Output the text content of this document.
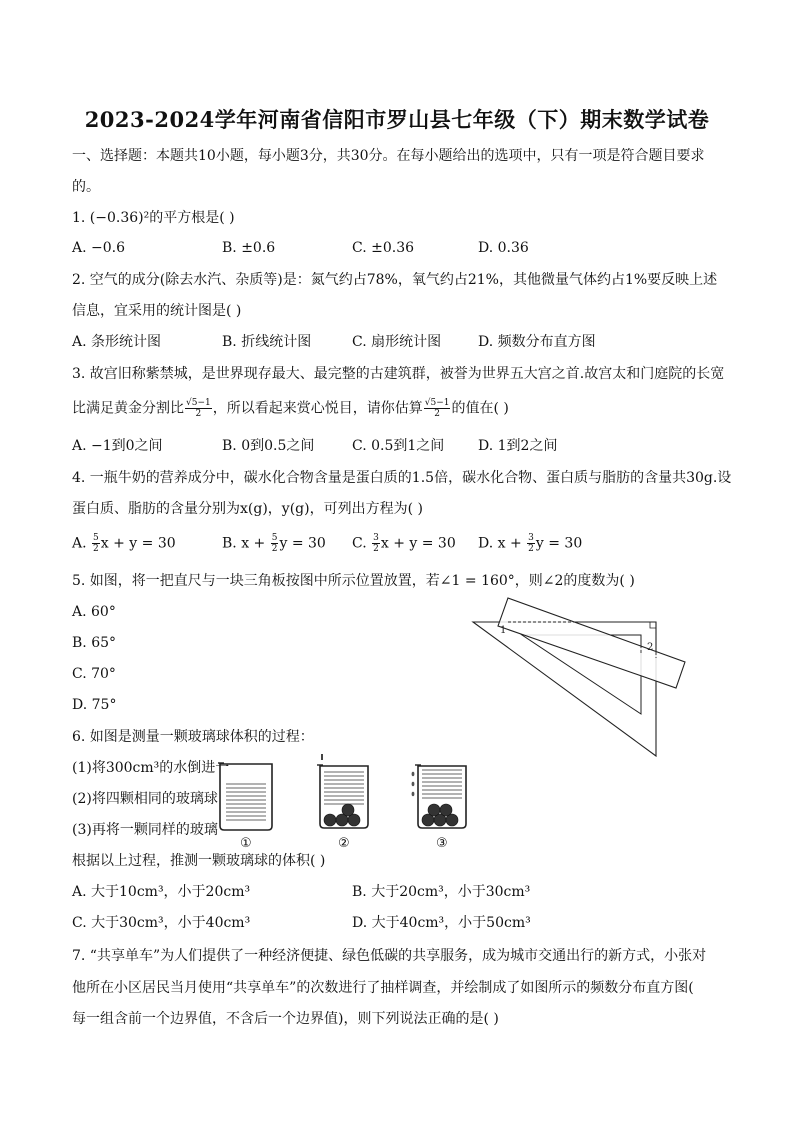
2023-2024学年河南省信阳市罗山县七年级（下）期末数学试卷
一、选择题：本题共10小题，每小题3分，共30分。在每小题给出的选项中，只有一项是符合题目要求
的。
1. (−0.36)²的平方根是( )
A. −0.6	B. ±0.6	C. ±0.36	D. 0.36
2. 空气的成分(除去水汽、杂质等)是：氮气约占78%，氧气约占21%，其他微量气体约占1%要反映上述
信息，宜采用的统计图是( )
A. 条形统计图	B. 折线统计图	C. 扇形统计图	D. 频数分布直方图
3. 故宫旧称紫禁城，是世界现存最大、最完整的古建筑群，被誉为世界五大宫之首.故宫太和门庭院的长宽
比满足黄金分割比 $\frac{√5-1}{2}$ ，所以看起来赏心悦目，请你估算 $\frac{√5-1}{2}$ 的值在( )
A. −1到0之间	B. 0到0.5之间	C. 0.5到1之间 D. 1到2之间
4. 一瓶牛奶的营养成分中，碳水化合物含量是蛋白质的1.5倍，碳水化合物、蛋白质与脂肪的含量共30g.设
蛋白质、脂肪的含量分别为x(g)，y(g)，可列出方程为( )
A. $\frac{5}{2}$ x + y = 30	B. $x + \frac{5}{2}$ y = 30 C. $\frac{3}{2}$ x + y = 30 D. $x + \frac{3}{2}$ y = 30
5. 如图，将一把直尺与一块三角板按图中所示位置放置，若∠1 = 160°，则∠2的度数为( )
A. 60°
B. 65°
C. 70°
D. 75°
1
2
6. 如图是测量一颗玻璃球体积的过程：
(1)将300cm³的水倒进一
(2)将四颗相同的玻璃球
(3)再将一颗同样的玻璃
①	②	③
根据以上过程，推测一颗玻璃球的体积( )
A. 大于10cm³，小于20cm³	B. 大于20cm³，小于30cm³
C. 大于30cm³，小于40cm³	D. 大于40cm³，小于50cm³
7. “共享单车”为人们提供了一种经济便捷、绿色低碳的共享服务，成为城市交通出行的新方式，小张对
他所在小区居民当月使用“共享单车”的次数进行了抽样调查，并绘制成了如图所示的频数分布直方图(
每一组含前一个边界值，不含后一个边界值)，则下列说法正确的是( )
